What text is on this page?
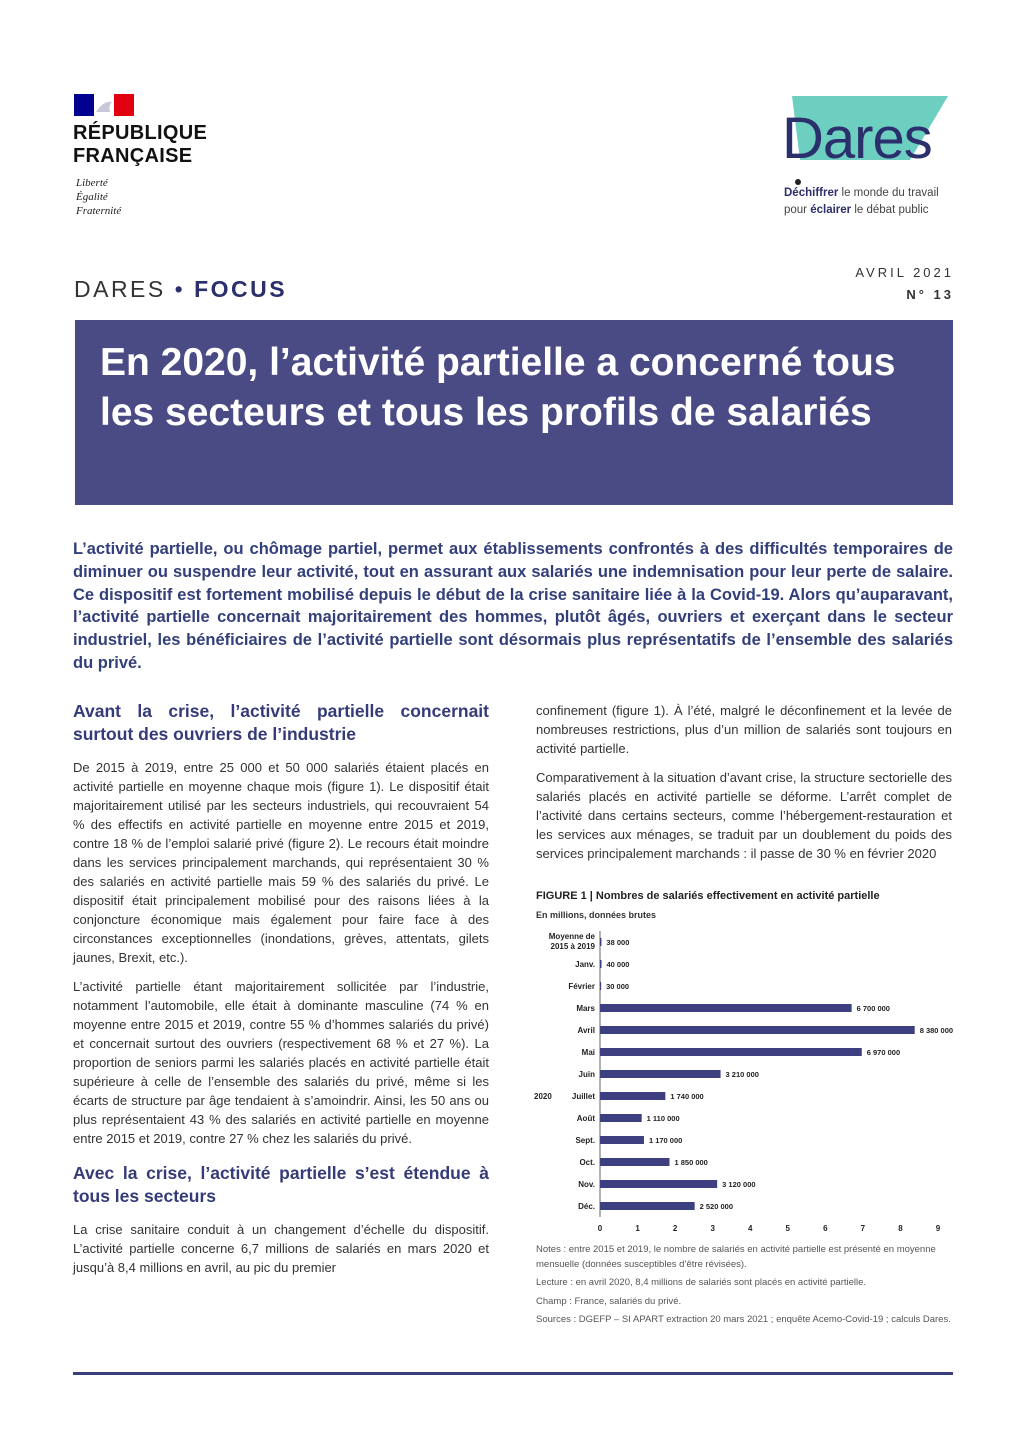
RÉPUBLIQUE
FRANÇAISE
Liberté
Égalité
Fraternité
Dares
Déchiffrer le monde du travail
pour éclairer le débat public
DARES • FOCUS
AVRIL 2021
N° 13
En 2020, l’activité partielle a concerné tous les secteurs et tous les profils de salariés
L’activité partielle, ou chômage partiel, permet aux établissements confrontés à des difficultés temporaires de diminuer ou suspendre leur activité, tout en assurant aux salariés une indemnisation pour leur perte de salaire. Ce dispositif est fortement mobilisé depuis le début de la crise sanitaire liée à la Covid-19. Alors qu’auparavant, l’activité partielle concernait majoritairement des hommes, plutôt âgés, ouvriers et exerçant dans le secteur industriel, les bénéficiaires de l’activité partielle sont désormais plus représentatifs de l’ensemble des salariés du privé.
Avant la crise, l’activité partielle concernait surtout des ouvriers de l’industrie

De 2015 à 2019, entre 25 000 et 50 000 salariés étaient placés en activité partielle en moyenne chaque mois (figure 1). Le dispositif était majoritairement utilisé par les secteurs industriels, qui recouvraient 54 % des effectifs en activité partielle en moyenne entre 2015 et 2019, contre 18 % de l’emploi salarié privé (figure 2). Le recours était moindre dans les services principalement marchands, qui représentaient 30 % des salariés en activité partielle mais 59 % des salariés du privé. Le dispositif était principalement mobilisé pour des raisons liées à la conjoncture économique mais également pour faire face à des circonstances exceptionnelles (inondations, grèves, attentats, gilets jaunes, Brexit, etc.).

L’activité partielle étant majoritairement sollicitée par l’industrie, notamment l’automobile, elle était à dominante masculine (74 % en moyenne entre 2015 et 2019, contre 55 % d’hommes salariés du privé) et concernait surtout des ouvriers (respectivement 68 % et 27 %). La proportion de seniors parmi les salariés placés en activité partielle était supérieure à celle de l’ensemble des salariés du privé, même si les écarts de structure par âge tendaient à s’amoindrir. Ainsi, les 50 ans ou plus représentaient 43 % des salariés en activité partielle en moyenne entre 2015 et 2019, contre 27 % chez les salariés du privé.

Avec la crise, l’activité partielle s’est étendue à tous les secteurs

La crise sanitaire conduit à un changement d’échelle du dispositif. L’activité partielle concerne 6,7 millions de salariés en mars 2020 et jusqu’à 8,4 millions en avril, au pic du premier

confinement (figure 1). À l’été, malgré le déconfinement et la levée de nombreuses restrictions, plus d’un million de salariés sont toujours en activité partielle.

Comparativement à la situation d’avant crise, la structure sectorielle des salariés placés en activité partielle se déforme. L’arrêt complet de l’activité dans certains secteurs, comme l’hébergement-restauration et les services aux ménages, se traduit par un doublement du poids des services principalement marchands : il passe de 30 % en février 2020

FIGURE 1 | Nombres de salariés effectivement en activité partielle
En millions, données brutes
Moyenne de 2015 à 2019 38 000
Janv. 40 000
Février 30 000
Mars	6 700 000
Avril	8 380 000
Mai	6 970 000
Juin	3 210 000
Juillet	1 740 000
Août	1 110 000
Sept.	1 170 000
Oct.	1 850 000
Nov.	3 120 000
Déc.	2 520 000
2020
0	1	2	3	4	5	6	7	8	9

Notes : entre 2015 et 2019, le nombre de salariés en activité partielle est présenté en moyenne mensuelle (données susceptibles d’être révisées).

Lecture : en avril 2020, 8,4 millions de salariés sont placés en activité partielle.

Champ : France, salariés du privé.

Sources : DGEFP – SI APART extraction 20 mars 2021 ; enquête Acemo-Covid-19 ; calculs Dares.
